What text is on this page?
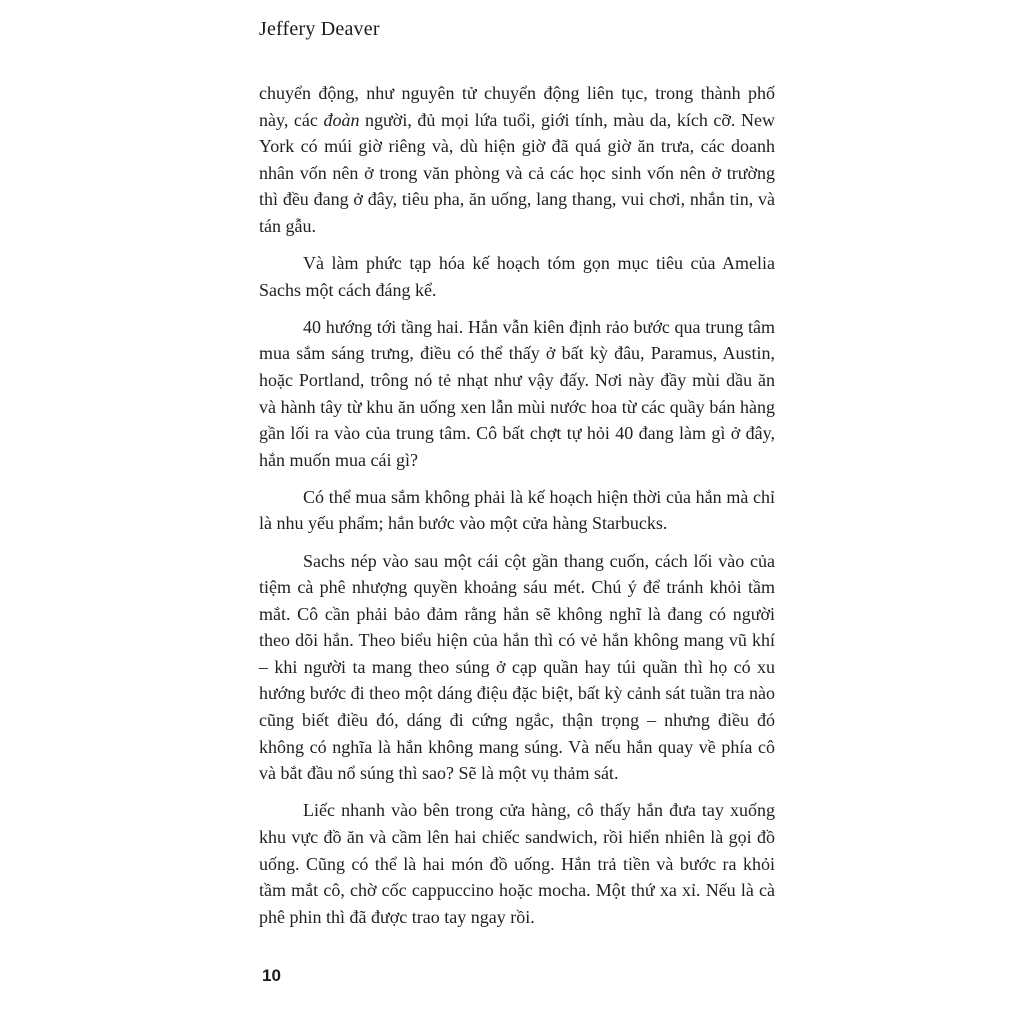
Jeffery Deaver

chuyển động, như nguyên tử chuyển động liên tục, trong thành phố này, các đoàn người, đủ mọi lứa tuổi, giới tính, màu da, kích cỡ. New York có múi giờ riêng và, dù hiện giờ đã quá giờ ăn trưa, các doanh nhân vốn nên ở trong văn phòng và cả các học sinh vốn nên ở trường thì đều đang ở đây, tiêu pha, ăn uống, lang thang, vui chơi, nhắn tin, và tán gẫu.

Và làm phức tạp hóa kế hoạch tóm gọn mục tiêu của Amelia Sachs một cách đáng kể.

40 hướng tới tầng hai. Hắn vẫn kiên định rảo bước qua trung tâm mua sắm sáng trưng, điều có thể thấy ở bất kỳ đâu, Paramus, Austin, hoặc Portland, trông nó tẻ nhạt như vậy đấy. Nơi này đầy mùi dầu ăn và hành tây từ khu ăn uống xen lẫn mùi nước hoa từ các quầy bán hàng gần lối ra vào của trung tâm. Cô bất chợt tự hỏi 40 đang làm gì ở đây, hắn muốn mua cái gì?

Có thể mua sắm không phải là kế hoạch hiện thời của hắn mà chỉ là nhu yếu phẩm; hắn bước vào một cửa hàng Starbucks.

Sachs nép vào sau một cái cột gần thang cuốn, cách lối vào của tiệm cà phê nhượng quyền khoảng sáu mét. Chú ý để tránh khỏi tầm mắt. Cô cần phải bảo đảm rằng hắn sẽ không nghĩ là đang có người theo dõi hắn. Theo biểu hiện của hắn thì có vẻ hắn không mang vũ khí – khi người ta mang theo súng ở cạp quần hay túi quần thì họ có xu hướng bước đi theo một dáng điệu đặc biệt, bất kỳ cảnh sát tuần tra nào cũng biết điều đó, dáng đi cứng ngắc, thận trọng – nhưng điều đó không có nghĩa là hắn không mang súng. Và nếu hắn quay về phía cô và bắt đầu nổ súng thì sao? Sẽ là một vụ thảm sát.

Liếc nhanh vào bên trong cửa hàng, cô thấy hắn đưa tay xuống khu vực đồ ăn và cầm lên hai chiếc sandwich, rồi hiển nhiên là gọi đồ uống. Cũng có thể là hai món đồ uống. Hắn trả tiền và bước ra khỏi tầm mắt cô, chờ cốc cappuccino hoặc mocha. Một thứ xa xỉ. Nếu là cà phê phin thì đã được trao tay ngay rồi.

10
